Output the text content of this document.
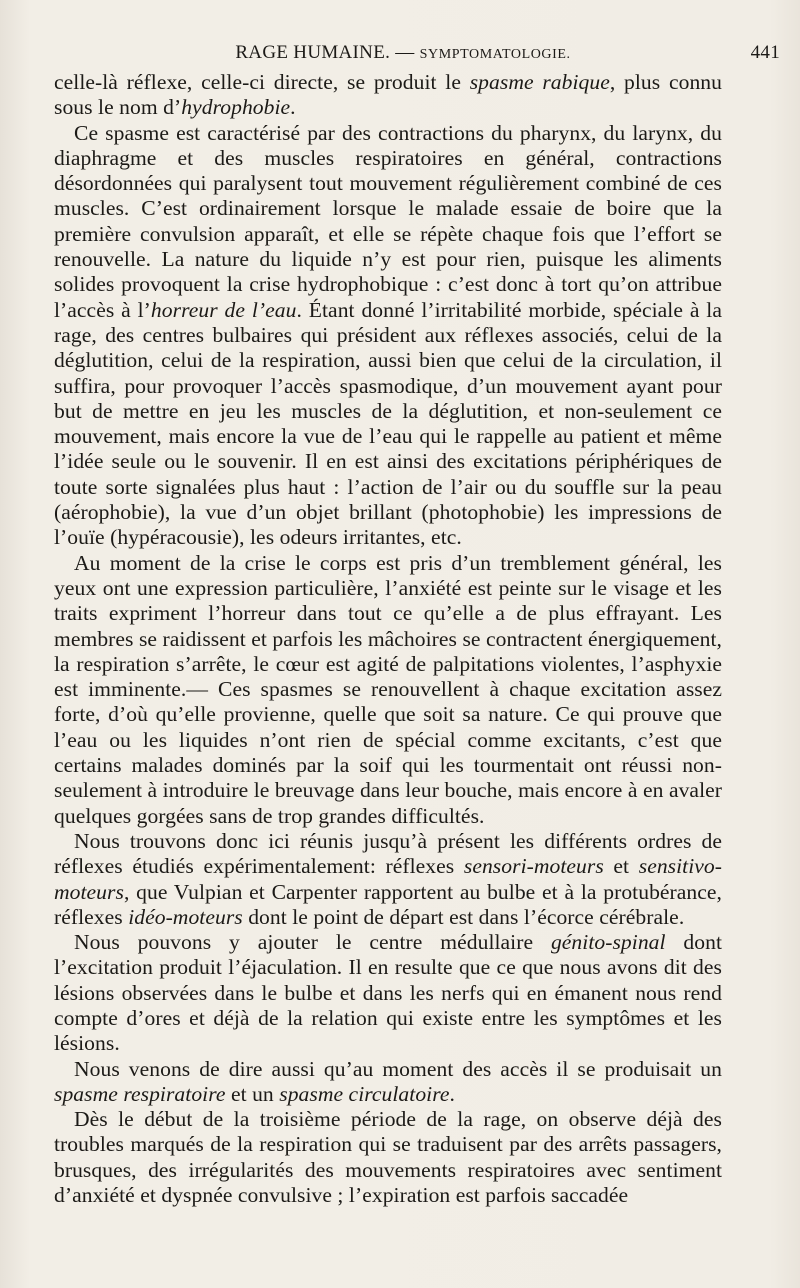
RAGE HUMAINE. — SYMPTOMATOLOGIE.	441

celle-là réflexe, celle-ci directe, se produit le spasme rabique, plus connu sous le nom d’hydrophobie.

Ce spasme est caractérisé par des contractions du pharynx, du larynx, du diaphragme et des muscles respiratoires en général, contractions désordonnées qui paralysent tout mouvement régulièrement combiné de ces muscles. C’est ordinairement lorsque le malade essaie de boire que la première convulsion apparaît, et elle se répète chaque fois que l’effort se renouvelle. La nature du liquide n’y est pour rien, puisque les aliments solides provoquent la crise hydrophobique : c’est donc à tort qu’on attribue l’accès à l’horreur de l’eau. Étant donné l’irritabilité morbide, spéciale à la rage, des centres bulbaires qui président aux réflexes associés, celui de la déglutition, celui de la respiration, aussi bien que celui de la circulation, il suffira, pour provoquer l’accès spasmodique, d’un mouvement ayant pour but de mettre en jeu les muscles de la déglutition, et non-seulement ce mouvement, mais encore la vue de l’eau qui le rappelle au patient et même l’idée seule ou le souvenir. Il en est ainsi des excitations périphériques de toute sorte signalées plus haut : l’action de l’air ou du souffle sur la peau (aérophobie), la vue d’un objet brillant (photophobie) les impressions de l’ouïe (hypéracousie), les odeurs irritantes, etc.

Au moment de la crise le corps est pris d’un tremblement général, les yeux ont une expression particulière, l’anxiété est peinte sur le visage et les traits expriment l’horreur dans tout ce qu’elle a de plus effrayant. Les membres se raidissent et parfois les mâchoires se contractent énergiquement, la respiration s’arrête, le cœur est agité de palpitations violentes, l’asphyxie est imminente.— Ces spasmes se renouvellent à chaque excitation assez forte, d’où qu’elle provienne, quelle que soit sa nature. Ce qui prouve que l’eau ou les liquides n’ont rien de spécial comme excitants, c’est que certains malades dominés par la soif qui les tourmentait ont réussi non-seulement à introduire le breuvage dans leur bouche, mais encore à en avaler quelques gorgées sans de trop grandes difficultés.

Nous trouvons donc ici réunis jusqu’à présent les différents ordres de réflexes étudiés expérimentalement: réflexes sensori-moteurs et sensitivo-moteurs, que Vulpian et Carpenter rapportent au bulbe et à la protubérance, réflexes idéo-moteurs dont le point de départ est dans l’écorce cérébrale.

Nous pouvons y ajouter le centre médullaire génito-spinal dont l’excitation produit l’éjaculation. Il en resulte que ce que nous avons dit des lésions observées dans le bulbe et dans les nerfs qui en émanent nous rend compte d’ores et déjà de la relation qui existe entre les symptômes et les lésions.

Nous venons de dire aussi qu’au moment des accès il se produisait un spasme respiratoire et un spasme circulatoire.

Dès le début de la troisième période de la rage, on observe déjà des troubles marqués de la respiration qui se traduisent par des arrêts passagers, brusques, des irrégularités des mouvements respiratoires avec sentiment d’anxiété et dyspnée convulsive ; l’expiration est parfois saccadée
